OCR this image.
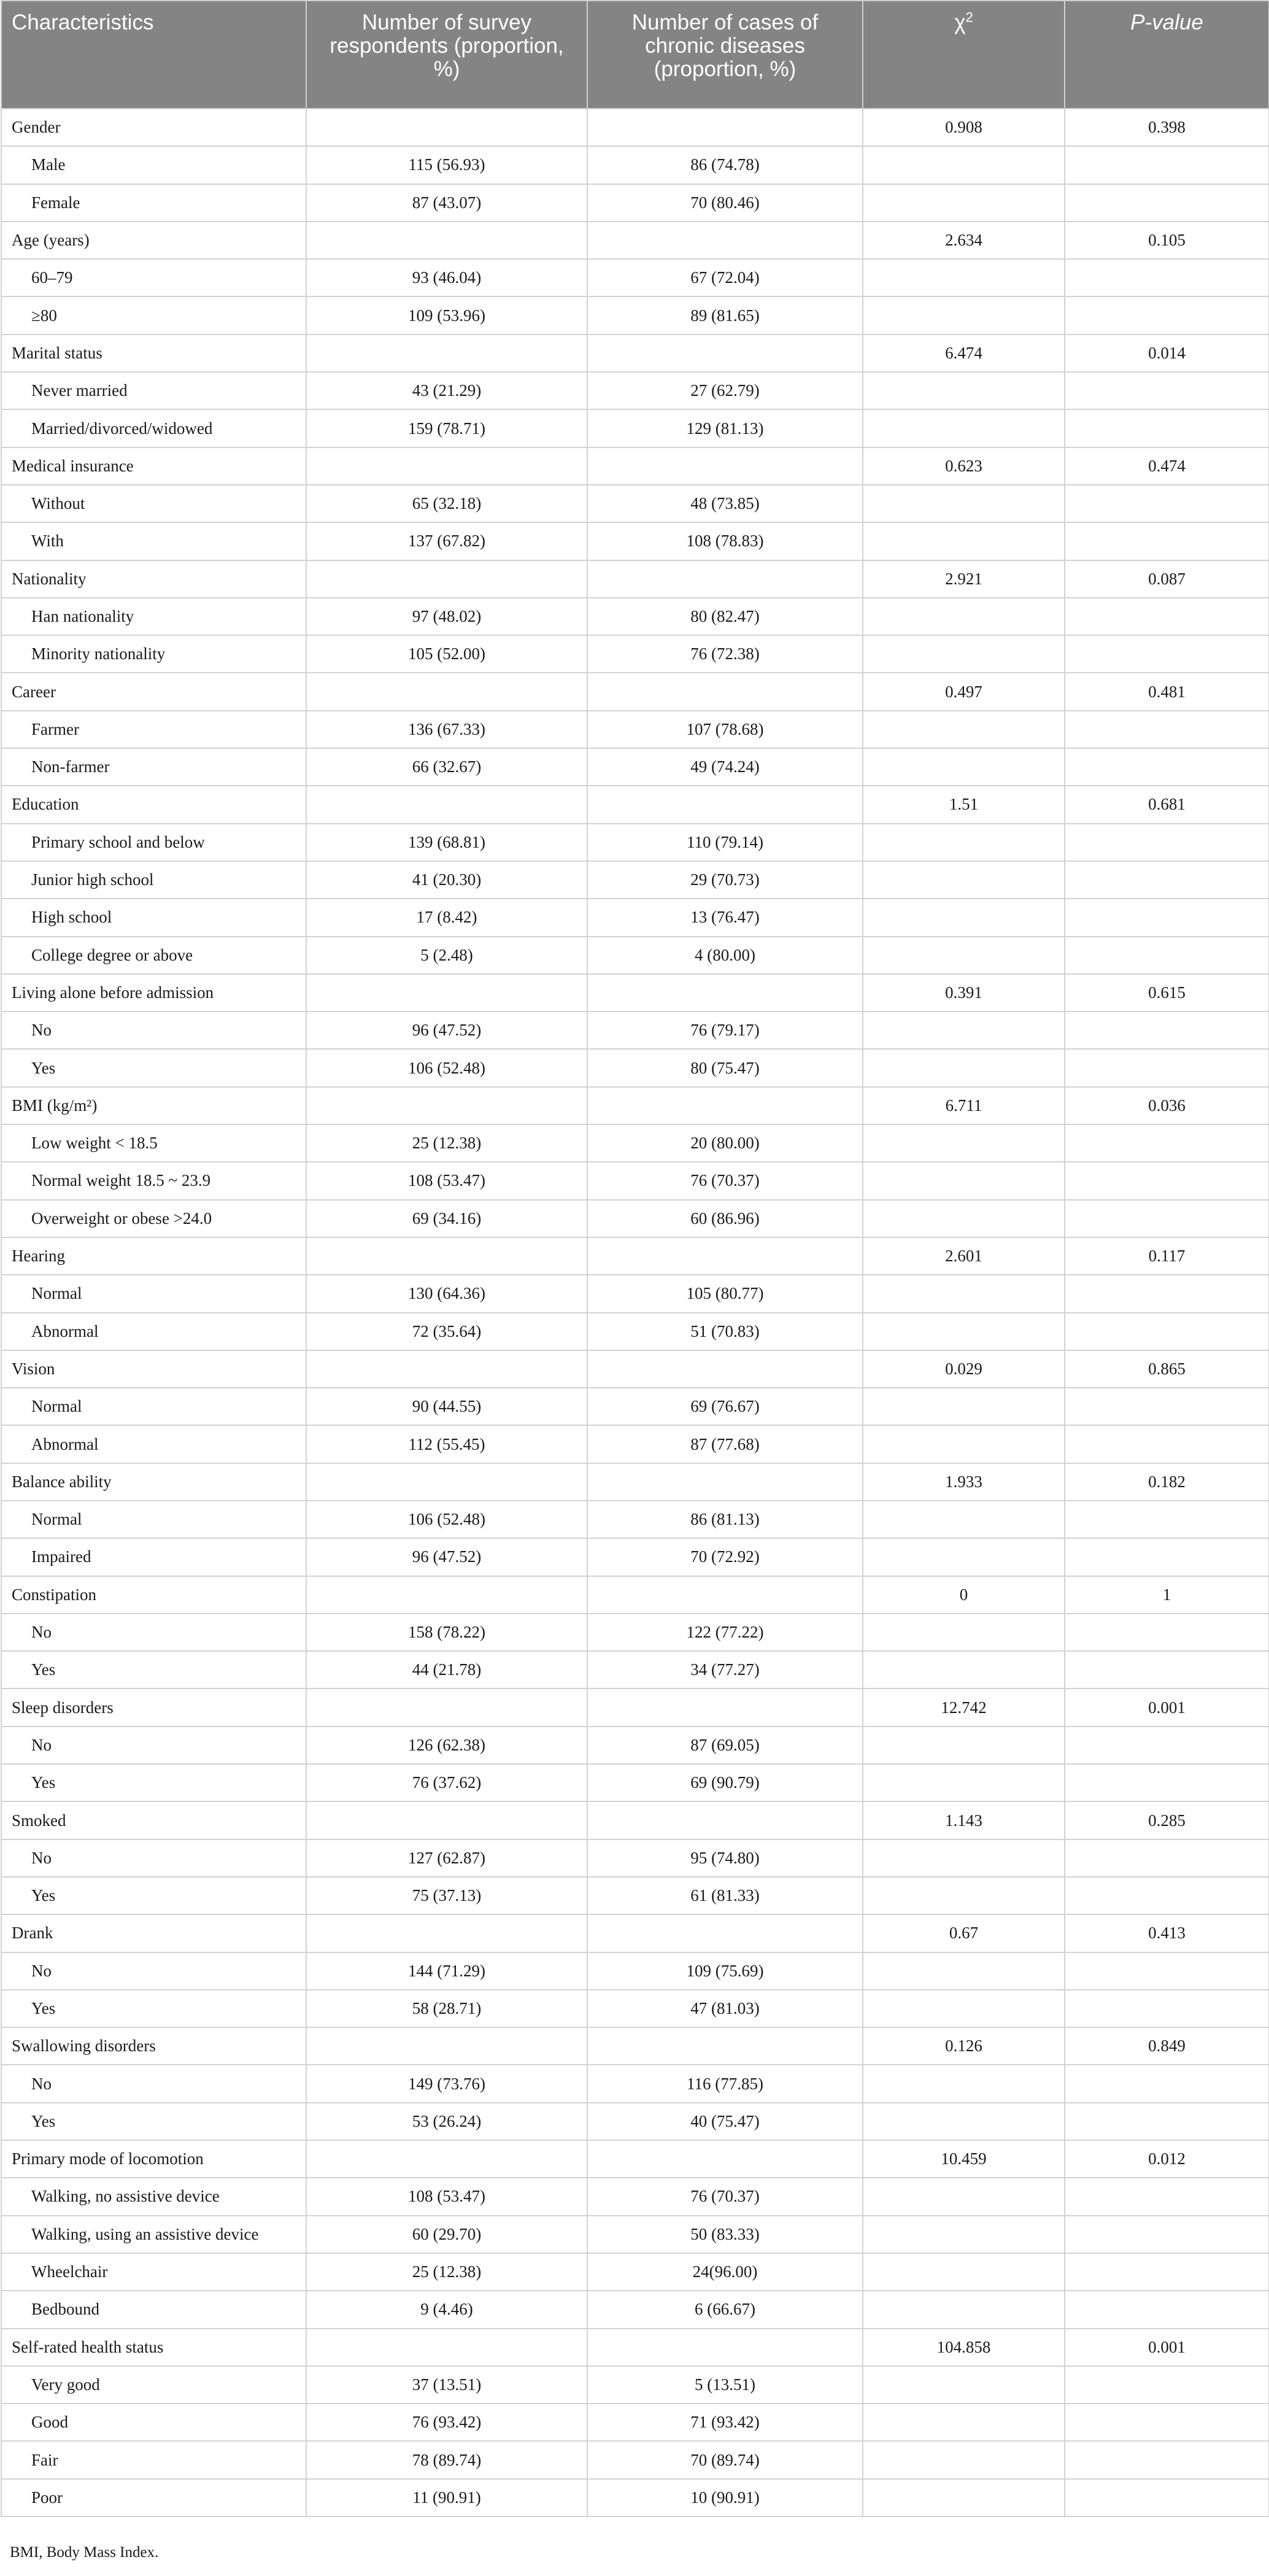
Characteristics	Number of survey respondents (proportion, %)	Number of cases of chronic diseases (proportion, %)	$\chi^2$	P-value
Gender			0.908	0.398
Male	115 (56.93)	86 (74.78)		
Female	87 (43.07)	70 (80.46)		
Age (years)			2.634	0.105
60–79	93 (46.04)	67 (72.04)		
≥80	109 (53.96)	89 (81.65)		
Marital status			6.474	0.014
Never married	43 (21.29)	27 (62.79)		
Married/divorced/widowed	159 (78.71)	129 (81.13)		
Medical insurance			0.623	0.474
Without	65 (32.18)	48 (73.85)		
With	137 (67.82)	108 (78.83)		
Nationality			2.921	0.087
Han nationality	97 (48.02)	80 (82.47)		
Minority nationality	105 (52.00)	76 (72.38)		
Career			0.497	0.481
Farmer	136 (67.33)	107 (78.68)		
Non-farmer	66 (32.67)	49 (74.24)		
Education			1.51	0.681
Primary school and below	139 (68.81)	110 (79.14)		
Junior high school	41 (20.30)	29 (70.73)		
High school	17 (8.42)	13 (76.47)		
College degree or above	5 (2.48)	4 (80.00)		
Living alone before admission			0.391	0.615
No	96 (47.52)	76 (79.17)		
Yes	106 (52.48)	80 (75.47)		
BMI (kg/m²)			6.711	0.036
Low weight < 18.5	25 (12.38)	20 (80.00)		
Normal weight 18.5 ~ 23.9	108 (53.47)	76 (70.37)		
Overweight or obese >24.0	69 (34.16)	60 (86.96)		
Hearing			2.601	0.117
Normal	130 (64.36)	105 (80.77)		
Abnormal	72 (35.64)	51 (70.83)		
Vision			0.029	0.865
Normal	90 (44.55)	69 (76.67)		
Abnormal	112 (55.45)	87 (77.68)		
Balance ability			1.933	0.182
Normal	106 (52.48)	86 (81.13)		
Impaired	96 (47.52)	70 (72.92)		
Constipation			0	1
No	158 (78.22)	122 (77.22)		
Yes	44 (21.78)	34 (77.27)		
Sleep disorders			12.742	0.001
No	126 (62.38)	87 (69.05)		
Yes	76 (37.62)	69 (90.79)		
Smoked			1.143	0.285
No	127 (62.87)	95 (74.80)		
Yes	75 (37.13)	61 (81.33)		
Drank			0.67	0.413
No	144 (71.29)	109 (75.69)		
Yes	58 (28.71)	47 (81.03)		
Swallowing disorders			0.126	0.849
No	149 (73.76)	116 (77.85)		
Yes	53 (26.24)	40 (75.47)		
Primary mode of locomotion			10.459	0.012
Walking, no assistive device	108 (53.47)	76 (70.37)		
Walking, using an assistive device	60 (29.70)	50 (83.33)		
Wheelchair	25 (12.38)	24(96.00)		
Bedbound	9 (4.46)	6 (66.67)		
Self-rated health status			104.858	0.001
Very good	37 (13.51)	5 (13.51)		
Good	76 (93.42)	71 (93.42)		
Fair	78 (89.74)	70 (89.74)		
Poor	11 (90.91)	10 (90.91)		
BMI, Body Mass Index.
